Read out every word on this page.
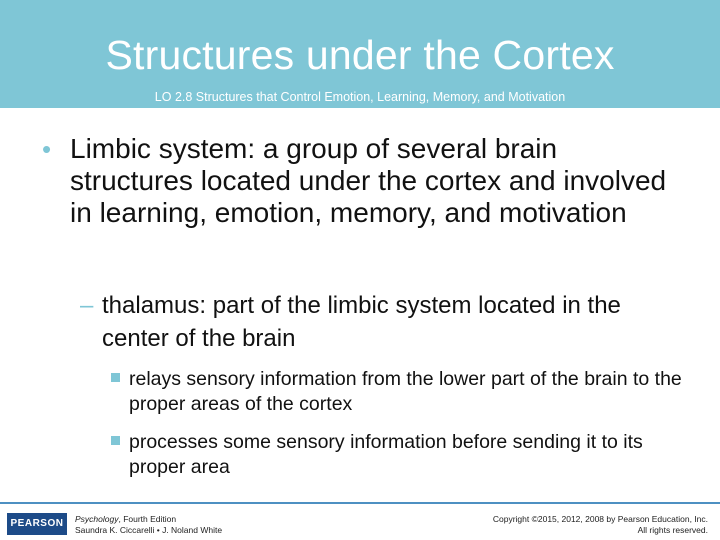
Structures under the Cortex
LO 2.8 Structures that Control Emotion, Learning, Memory, and Motivation
• Limbic system: a group of several brain structures located under the cortex and involved in learning, emotion, memory, and motivation
– thalamus: part of the limbic system located in the center of the brain
relays sensory information from the lower part of the brain to the proper areas of the cortex
processes some sensory information before sending it to its proper area
PEARSON	Psychology, Fourth Edition
Saundra K. Ciccarelli • J. Noland White
Copyright ©2015, 2012, 2008 by Pearson Education, Inc.
All rights reserved.
